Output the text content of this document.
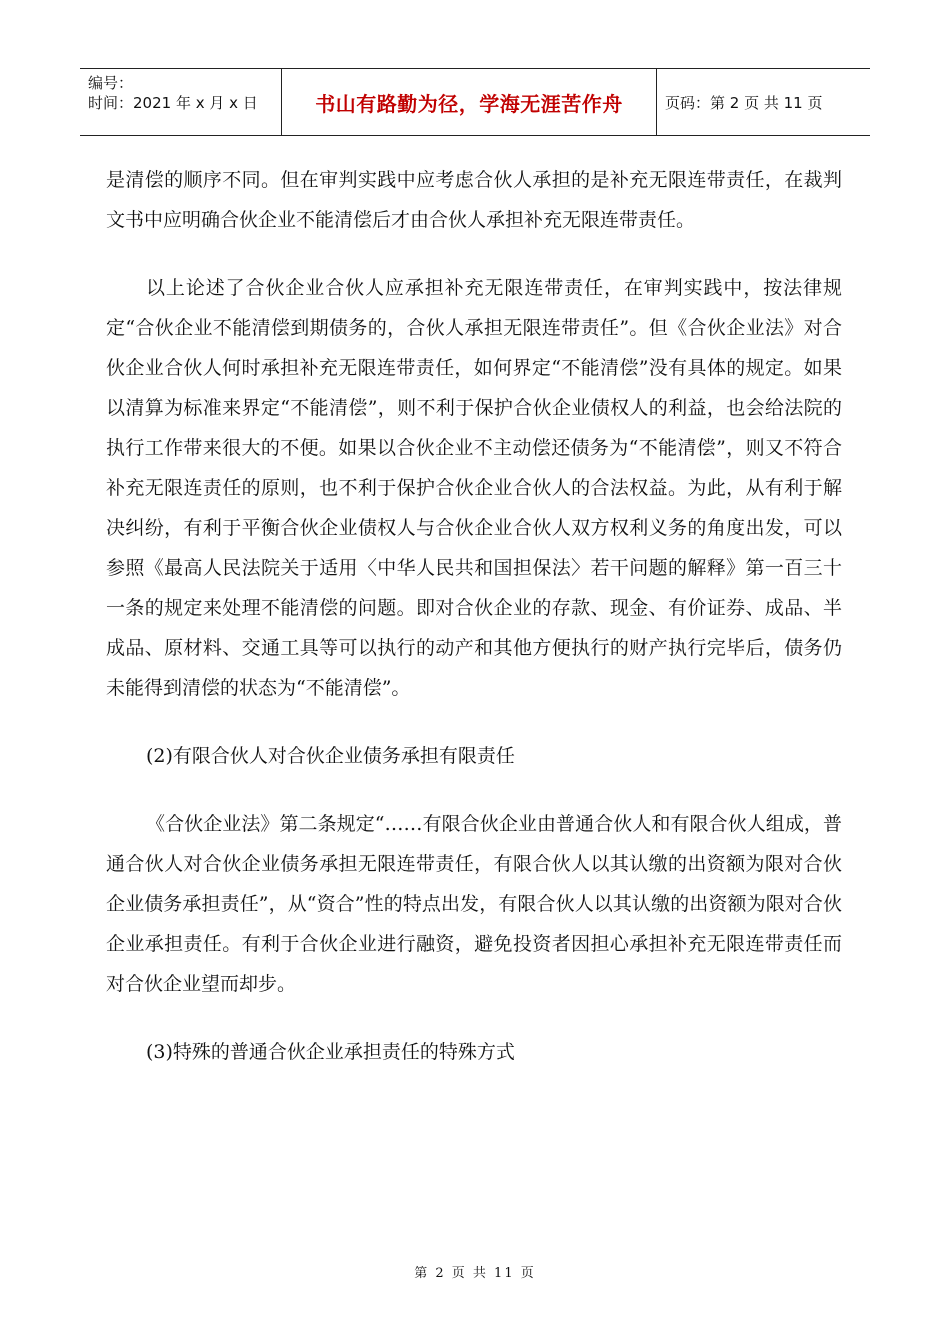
编号：
时间：2021 年 x 月 x 日	书山有路勤为径，学海无涯苦作舟	页码：第 2 页 共 11 页

是清偿的顺序不同。但在审判实践中应考虑合伙人承担的是补充无限连带责任，在裁判文书中应明确合伙企业不能清偿后才由合伙人承担补充无限连带责任。

以上论述了合伙企业合伙人应承担补充无限连带责任，在审判实践中，按法律规定“合伙企业不能清偿到期债务的，合伙人承担无限连带责任”。但《合伙企业法》对合伙企业合伙人何时承担补充无限连带责任，如何界定“不能清偿”没有具体的规定。如果以清算为标准来界定“不能清偿”，则不利于保护合伙企业债权人的利益，也会给法院的执行工作带来很大的不便。如果以合伙企业不主动偿还债务为“不能清偿”，则又不符合补充无限连责任的原则，也不利于保护合伙企业合伙人的合法权益。为此，从有利于解决纠纷，有利于平衡合伙企业债权人与合伙企业合伙人双方权利义务的角度出发，可以参照《最高人民法院关于适用〈中华人民共和国担保法〉若干问题的解释》第一百三十一条的规定来处理不能清偿的问题。即对合伙企业的存款、现金、有价证券、成品、半成品、原材料、交通工具等可以执行的动产和其他方便执行的财产执行完毕后，债务仍未能得到清偿的状态为“不能清偿”。

(2)有限合伙人对合伙企业债务承担有限责任

《合伙企业法》第二条规定“……有限合伙企业由普通合伙人和有限合伙人组成，普通合伙人对合伙企业债务承担无限连带责任，有限合伙人以其认缴的出资额为限对合伙企业债务承担责任”，从“资合”性的特点出发，有限合伙人以其认缴的出资额为限对合伙企业承担责任。有利于合伙企业进行融资，避免投资者因担心承担补充无限连带责任而对合伙企业望而却步。

(3)特殊的普通合伙企业承担责任的特殊方式

第 2 页 共 11 页
